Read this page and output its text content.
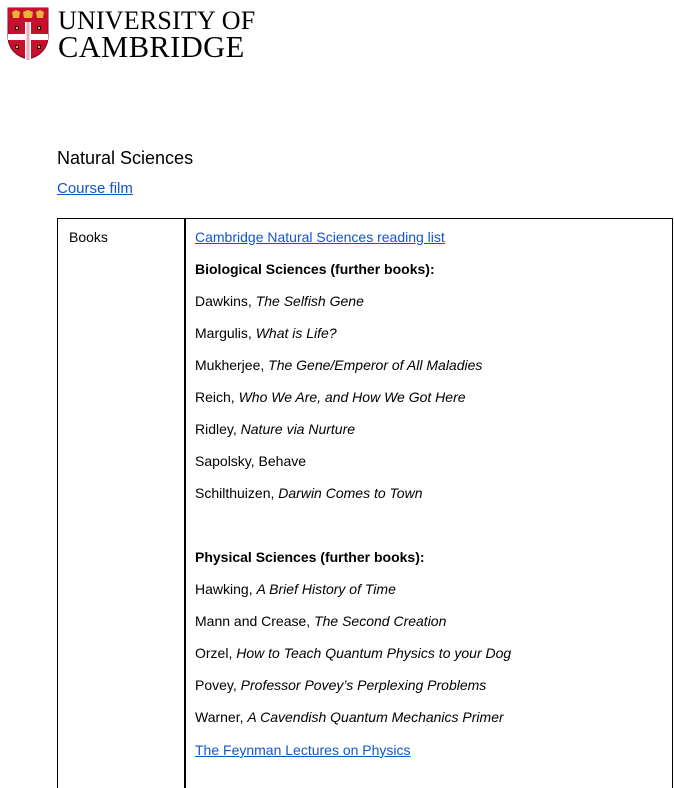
UNIVERSITY OF
CAMBRIDGE
Natural Sciences
Course film
Books	Cambridge Natural Sciences reading list
Biological Sciences (further books):
Dawkins, The Selfish Gene
Margulis, What is Life?
Mukherjee, The Gene/Emperor of All Maladies
Reich, Who We Are, and How We Got Here
Ridley, Nature via Nurture
Sapolsky, Behave
Schilthuizen, Darwin Comes to Town
Physical Sciences (further books):
Hawking, A Brief History of Time
Mann and Crease, The Second Creation
Orzel, How to Teach Quantum Physics to your Dog
Povey, Professor Povey’s Perplexing Problems
Warner, A Cavendish Quantum Mechanics Primer
The Feynman Lectures on Physics
